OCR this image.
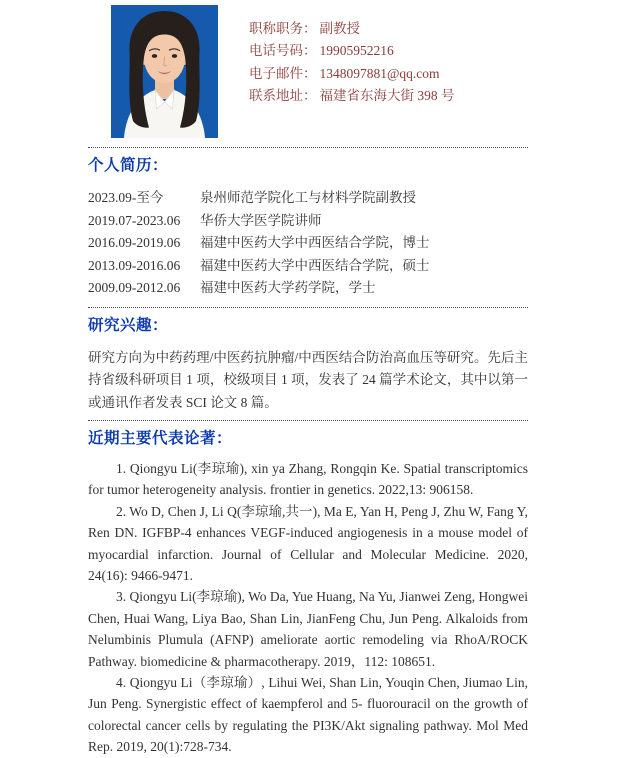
职称职务： 副教授
电话号码： 19905952216
电子邮件： 1348097881@qq.com
联系地址： 福建省东海大街 398 号
个人简历：
2023.09-至今	泉州师范学院化工与材料学院副教授
2019.07-2023.06	华侨大学医学院讲师
2016.09-2019.06	福建中医药大学中西医结合学院，博士
2013.09-2016.06	福建中医药大学中西医结合学院，硕士
2009.09-2012.06	福建中医药大学药学院，学士
研究兴趣：

研究方向为中药药理/中医药抗肿瘤/中西医结合防治高血压等研究。先后主持省级科研项目 1 项，校级项目 1 项，发表了 24 篇学术论文，其中以第一或通讯作者发表 SCI 论文 8 篇。

近期主要代表论著：

1. Qiongyu Li(李琼瑜), xin ya Zhang, Rongqin Ke. Spatial transcriptomics for tumor heterogeneity analysis. frontier in genetics. 2022,13: 906158.

2. Wo D, Chen J, Li Q(李琼瑜,共一), Ma E, Yan H, Peng J, Zhu W, Fang Y, Ren DN. IGFBP-4 enhances VEGF-induced angiogenesis in a mouse model of myocardial infarction. Journal of Cellular and Molecular Medicine. 2020, 24(16): 9466-9471.

3. Qiongyu Li(李琼瑜), Wo Da, Yue Huang, Na Yu, Jianwei Zeng, Hongwei Chen, Huai Wang, Liya Bao, Shan Lin, JianFeng Chu, Jun Peng. Alkaloids from Nelumbinis Plumula (AFNP) ameliorate aortic remodeling via RhoA/ROCK Pathway. biomedicine & pharmacotherapy. 2019，112: 108651.

4. Qiongyu Li（李琼瑜）, Lihui Wei, Shan Lin, Youqin Chen, Jiumao Lin, Jun Peng. Synergistic effect of kaempferol and 5- fluorouracil on the growth of colorectal cancer cells by regulating the PI3K/Akt signaling pathway. Mol Med Rep. 2019, 20(1):728-734.
